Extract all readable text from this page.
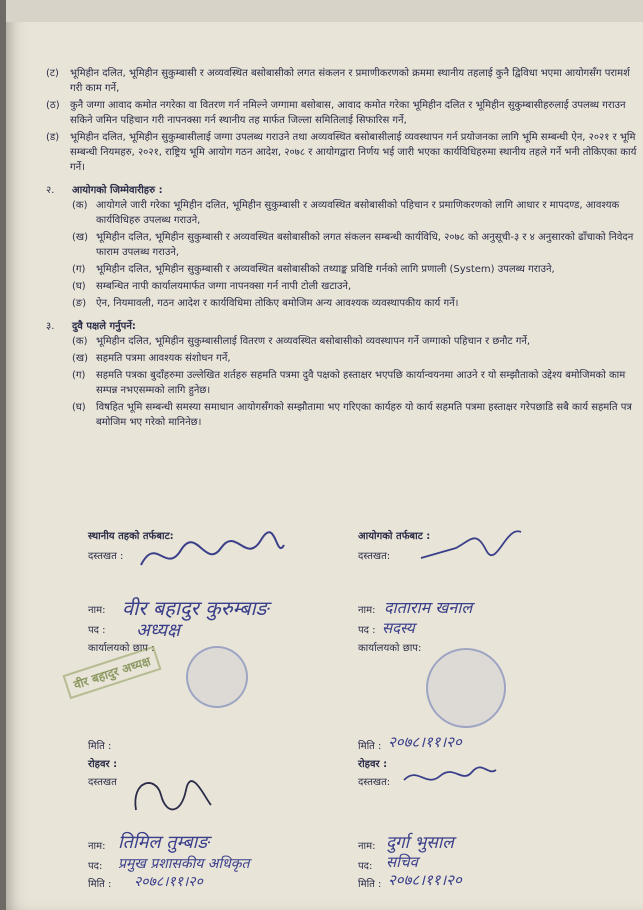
(ट) भूमिहीन दलित, भूमिहीन सुकुम्बासी र अव्यवस्थित बसोबासीको लगत संकलन र प्रमाणीकरणको क्रममा स्थानीय तहलाई कुनै द्विविधा भएमा आयोगसँग परामर्श गरी काम गर्ने,
(ठ) कुनै जग्गा आवाद कमोत नगरेका वा वितरण गर्न नमिल्ने जग्गामा बसोबास, आवाद कमोत गरेका भूमिहीन दलित र भूमिहीन सुकुम्बासीहरुलाई उपलब्ध गराउन सकिने जमिन पहिचान गरी नापनक्सा गर्न स्थानीय तह मार्फत जिल्ला समितिलाई सिफारिस गर्ने,
(ड) भूमिहीन दलित, भूमिहीन सुकुम्बासीलाई जग्गा उपलब्ध गराउने तथा अव्यवस्थित बसोबासीलाई व्यवस्थापन गर्न प्रयोजनका लागि भूमि सम्बन्धी ऐन, २०२१ र भूमि सम्बन्धी नियमहरु, २०२१, राष्ट्रिय भूमि आयोग गठन आदेश, २०७८ र आयोगद्वारा निर्णय भई जारी भएका कार्यविधिहरुमा स्थानीय तहले गर्ने भनी तोकिएका कार्य गर्ने।
२. आयोगको जिम्मेवारीहरु :
(क) आयोगले जारी गरेका भूमिहीन दलित, भूमिहीन सुकुम्बासी र अव्यवस्थित बसोबासीको पहिचान र प्रमाणिकरणको लागि आधार र मापदण्ड, आवश्यक कार्यविधिहरु उपलब्ध गराउने,
(ख) भूमिहीन दलित, भूमिहीन सुकुम्बासी र अव्यवस्थित बसोबासीको लगत संकलन सम्बन्धी कार्यविधि, २०७८ को अनुसूची-३ र ४ अनुसारको ढाँचाको निवेदन फाराम उपलब्ध गराउने,
(ग) भूमिहीन दलित, भूमिहीन सुकुम्बासी र अव्यवस्थित बसोबासीको तथ्याङ्क प्रविष्टि गर्नको लागि प्रणाली (System) उपलब्ध गराउने,
(घ) सम्बन्धित नापी कार्यालयमार्फत जग्गा नापनक्सा गर्न नापी टोली खटाउने,
(ङ) ऐन, नियमावली, गठन आदेश र कार्यविधिमा तोकिए बमोजिम अन्य आवश्यक व्यवस्थापकीय कार्य गर्ने।
३. दुवै पक्षले गर्नुपर्ने:
(क) भूमिहीन दलित, भूमिहीन सुकुम्बासीलाई वितरण र अव्यवस्थित बसोबासीको व्यवस्थापन गर्ने जग्गाको पहिचान र छनौट गर्ने,
(ख) सहमति पत्रमा आवश्यक संशोधन गर्ने,
(ग) सहमति पत्रका बुदाँहरुमा उल्लेखित शर्तहरु सहमति पत्रमा दुवै पक्षको हस्ताक्षर भएपछि कार्यान्वयनमा आउने र यो सम्झौताको उद्देश्य बमोजिमको काम सम्पन्न नभएसम्मको लागि हुनेछ।
(घ) विषहित भूमि सम्बन्धी समस्या समाधान आयोगसँगको सम्झौतामा भए गरिएका कार्यहरु यो कार्य सहमति पत्रमा हस्ताक्षर गरेपछाडि सबै कार्य सहमति पत्र बमोजिम भए गरेको मानिनेछ।
स्थानीय तहको तर्फबाट:
दस्तखत :
नाम: वीर बहादुर कुरुम्बाङ
पद : अध्यक्ष
कार्यालयको छाप :
वीर बहादुर अध्यक्ष
आयोगको तर्फबाट :
दस्तखत:
नाम: दाताराम खनाल
पद : सदस्य
कार्यालयको छाप:
मिति :
रोहवर :
दस्तखत
नाम: तिमिल तुम्बाङ
पद: प्रमुख प्रशासकीय अधिकृत
मिति : २०७८।११।२०
मिति : २०७८।११।२०
रोहवर :
दस्तखत:
नाम: दुर्गा भुसाल
पद: सचिव
मिति : २०७८।११।२०
